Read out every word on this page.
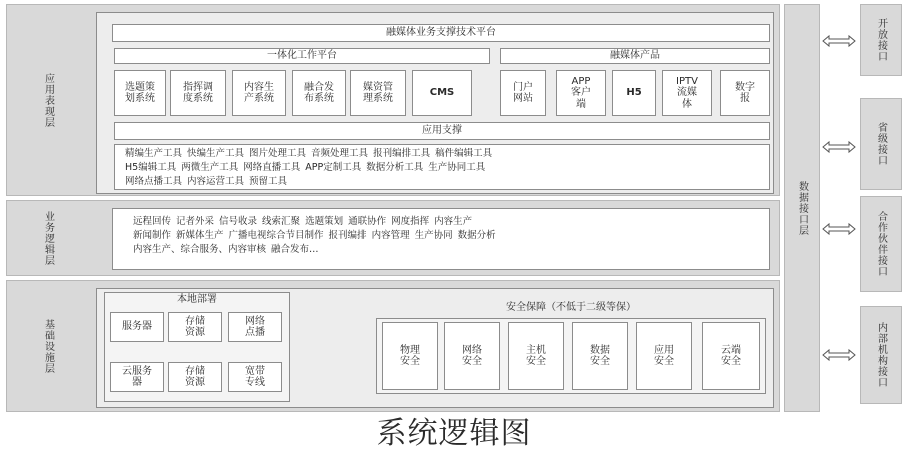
应用表现层
业务逻辑层
基础设施层
融媒体业务支撑技术平台
一体化工作平台
选题策划系统
指挥调度系统
内容生产系统
融合发布系统
媒资管理系统
CMS
融媒体产品
门户网站
APP客户端
H5
IPTV流媒体
数字报
应用支撑
精编生产工具 快编生产工具 图片处理工具 音频处理工具 报刊编排工具 稿件编辑工具
H5编辑工具 两微生产工具 网络直播工具 APP定制工具 数据分析工具 生产协同工具
网络点播工具 内容运营工具 预留工具
远程回传 记者外采 信号收录 线索汇聚 选题策划 通联协作 网度指挥 内容生产
新闻制作 新媒体生产 广播电视综合节目制作 报刊编排 内容管理 生产协同 数据分析
内容生产、综合服务、内容审核 融合发布…
本地部署
服务器
存储资源
网络点播
云服务器
存储资源
宽带专线
安全保障（不低于二级等保）
物理安全
网络安全
主机安全
数据安全
应用安全
云端安全
数据接口层
开放接口
省级接口
合作伙伴接口
内部机构接口
系统逻辑图
